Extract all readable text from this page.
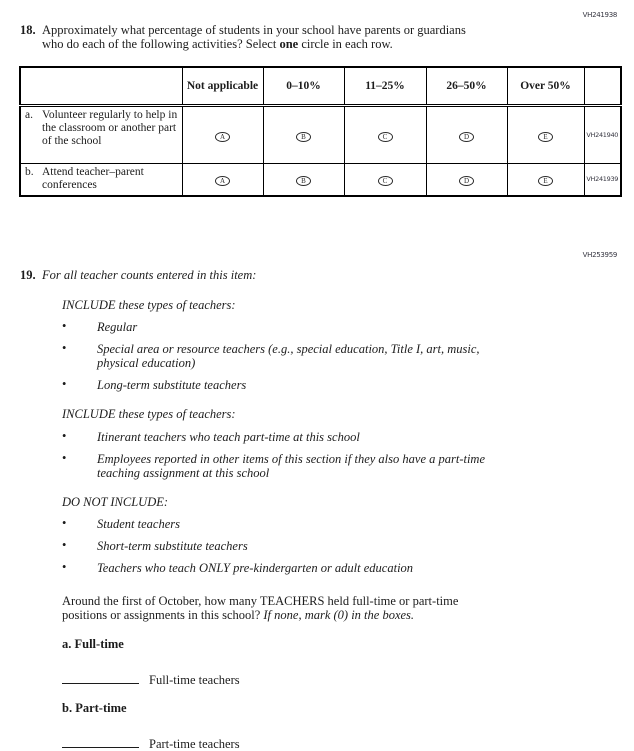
VH241938
VH253959
18. Approximately what percentage of students in your school have parents or guardians
who do each of the following activities? Select one circle in each row.
	Not applicable	0–10%	11–25%	26–50%	Over 50%	

a. Volunteer regularly to help in the classroom or another part of the school	A	B	C	D	E	VH241940

b. Attend teacher–parent conferences	A	B	C	D	E	VH241939
19. For all teacher counts entered in this item:
INCLUDE these types of teachers:
•	Regular
•	Special area or resource teachers (e.g., special education, Title I, art, music,
physical education)
•	Long-term substitute teachers
INCLUDE these types of teachers:
•	Itinerant teachers who teach part-time at this school
•	Employees reported in other items of this section if they also have a part-time
teaching assignment at this school
DO NOT INCLUDE:
•	Student teachers
•	Short-term substitute teachers
•	Teachers who teach ONLY pre-kindergarten or adult education
Around the first of October, how many TEACHERS held full-time or part-time
positions or assignments in this school? If none, mark (0) in the boxes.
a. Full-time
Full-time teachers
b. Part-time
Part-time teachers
